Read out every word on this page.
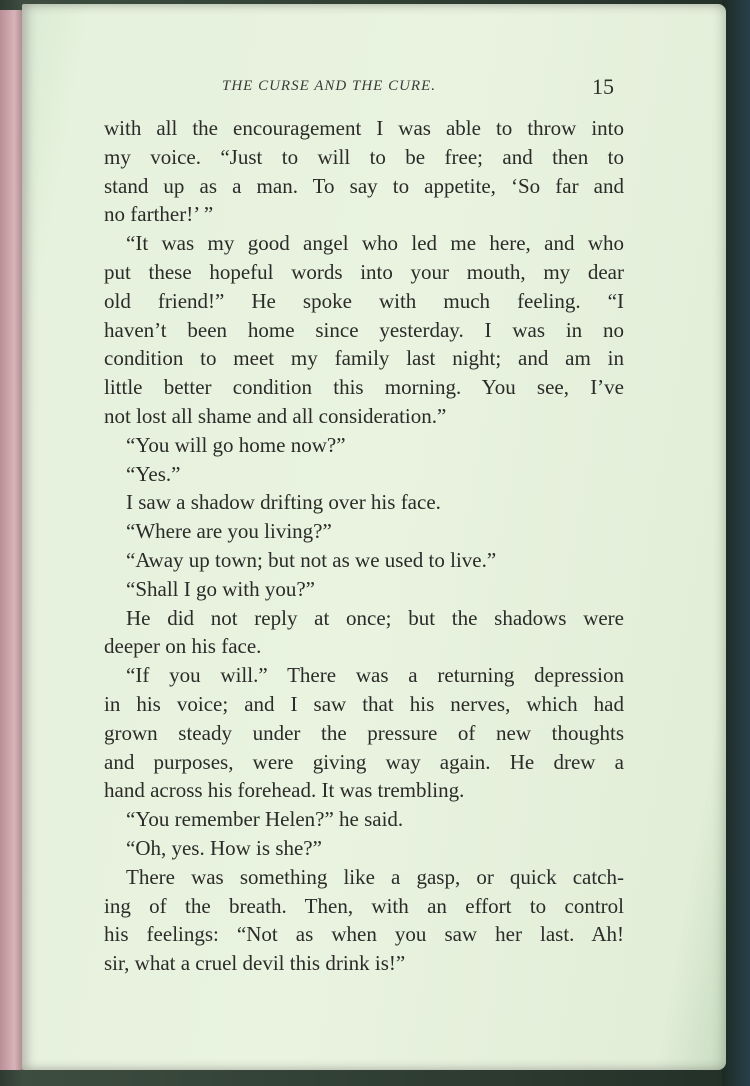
THE CURSE AND THE CURE.	15
with all the encouragement I was able to throw into
my voice. “Just to will to be free; and then to
stand up as a man. To say to appetite, ‘So far and
no farther!’ ”
“It was my good angel who led me here, and who
put these hopeful words into your mouth, my dear
old friend!” He spoke with much feeling. “I
haven’t been home since yesterday. I was in no
condition to meet my family last night; and am in
little better condition this morning. You see, I’ve
not lost all shame and all consideration.”
“You will go home now?”
“Yes.”
I saw a shadow drifting over his face.
“Where are you living?”
“Away up town; but not as we used to live.”
“Shall I go with you?”
He did not reply at once; but the shadows were
deeper on his face.
“If you will.” There was a returning depression
in his voice; and I saw that his nerves, which had
grown steady under the pressure of new thoughts
and purposes, were giving way again. He drew a
hand across his forehead. It was trembling.
“You remember Helen?” he said.
“Oh, yes. How is she?”
There was something like a gasp, or quick catch-
ing of the breath. Then, with an effort to control
his feelings: “Not as when you saw her last. Ah!
sir, what a cruel devil this drink is!”
